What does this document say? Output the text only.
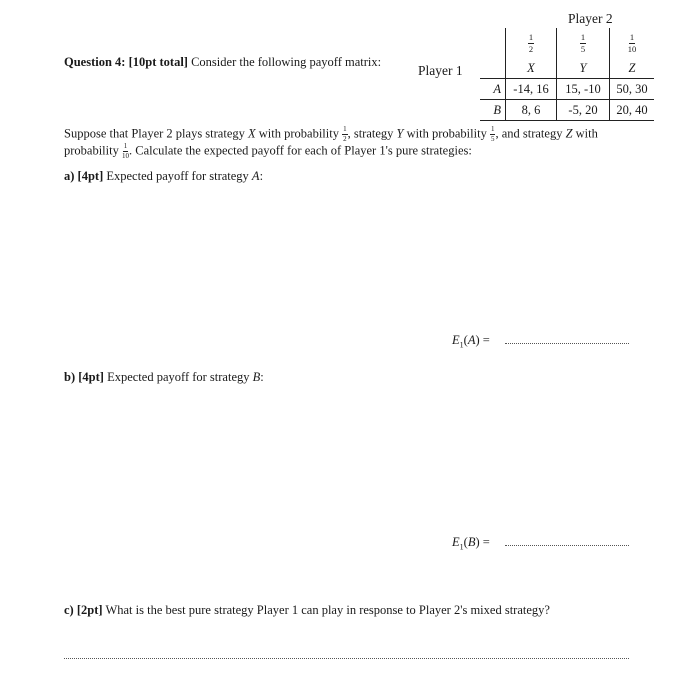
Question 4: [10pt total] Consider the following payoff matrix:
Player 1
Player 2

	$\frac{1}{2}$	$\frac{1}{5}$	$\frac{1}{10}$

	X	Y	Z
A	-14, 16	15, -10	50, 30
B	8, 6	-5, 20	20, 40
Suppose that Player 2 plays strategy X with probability $\frac{1}{2}$ , strategy Y with probability $\frac{1}{5}$ , and strategy Z with probability $\frac{1}{10}$ . Calculate the expected payoff for each of Player 1's pure strategies:
a) [4pt] Expected payoff for strategy A:
$E_1(A)$ =
b) [4pt] Expected payoff for strategy B:
$E_1(B)$ =
c) [2pt] What is the best pure strategy Player 1 can play in response to Player 2's mixed strategy?
